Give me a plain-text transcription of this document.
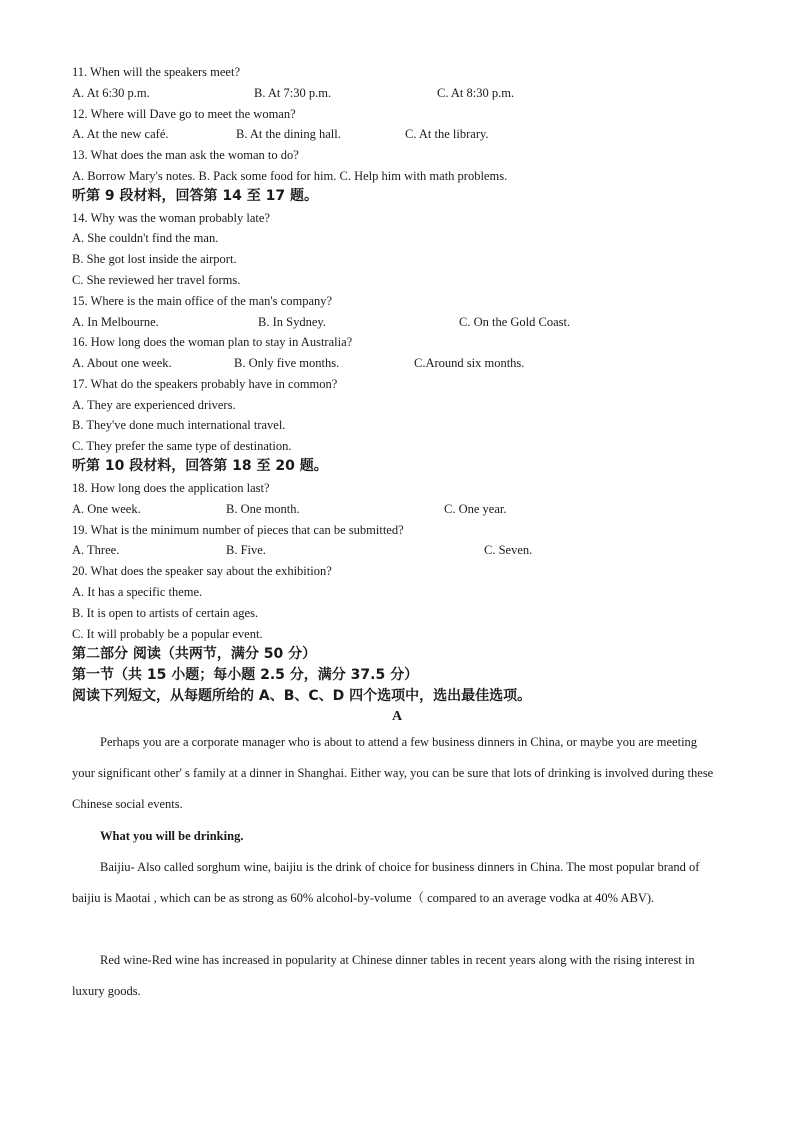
11. When will the speakers meet?
A. At 6:30 p.m.	B. At 7:30 p.m.	C. At 8:30 p.m.
12. Where will Dave go to meet the woman?
A. At the new café.	B. At the dining hall.	C. At the library.
13. What does the man ask the woman to do?
A. Borrow Mary's notes. B. Pack some food for him. C. Help him with math problems.
听第 9 段材料，回答第 14 至 17 题。
14. Why was the woman probably late?
A. She couldn't find the man.
B. She got lost inside the airport.
C. She reviewed her travel forms.
15. Where is the main office of the man's company?
A. In Melbourne.	B. In Sydney.	C. On the Gold Coast.
16. How long does the woman plan to stay in Australia?
A. About one week.	B. Only five months.	C.Around six months.
17. What do the speakers probably have in common?
A. They are experienced drivers.
B. They've done much international travel.
C. They prefer the same type of destination.
听第 10 段材料，回答第 18 至 20 题。
18. How long does the application last?
A. One week.	B. One month.	C. One year.
19. What is the minimum number of pieces that can be submitted?
A. Three.	B. Five.	C. Seven.
20. What does the speaker say about the exhibition?
A. It has a specific theme.
B. It is open to artists of certain ages.
C. It will probably be a popular event.
第二部分 阅读（共两节，满分 50 分）
第一节（共 15 小题；每小题 2.5 分，满分 37.5 分）
阅读下列短文，从每题所给的 A、B、C、D 四个选项中，选出最佳选项。
A
Perhaps you are a corporate manager who is about to attend a few business dinners in China, or maybe you are meeting your significant other' s family at a dinner in Shanghai. Either way, you can be sure that lots of drinking is involved during these Chinese social events.
What you will be drinking.
Baijiu- Also called sorghum wine, baijiu is the drink of choice for business dinners in China. The most popular brand of baijiu is Maotai , which can be as strong as 60% alcohol-by-volume（ compared to an average vodka at 40% ABV).
Red wine-Red wine has increased in popularity at Chinese dinner tables in recent years along with the rising interest in luxury goods.
